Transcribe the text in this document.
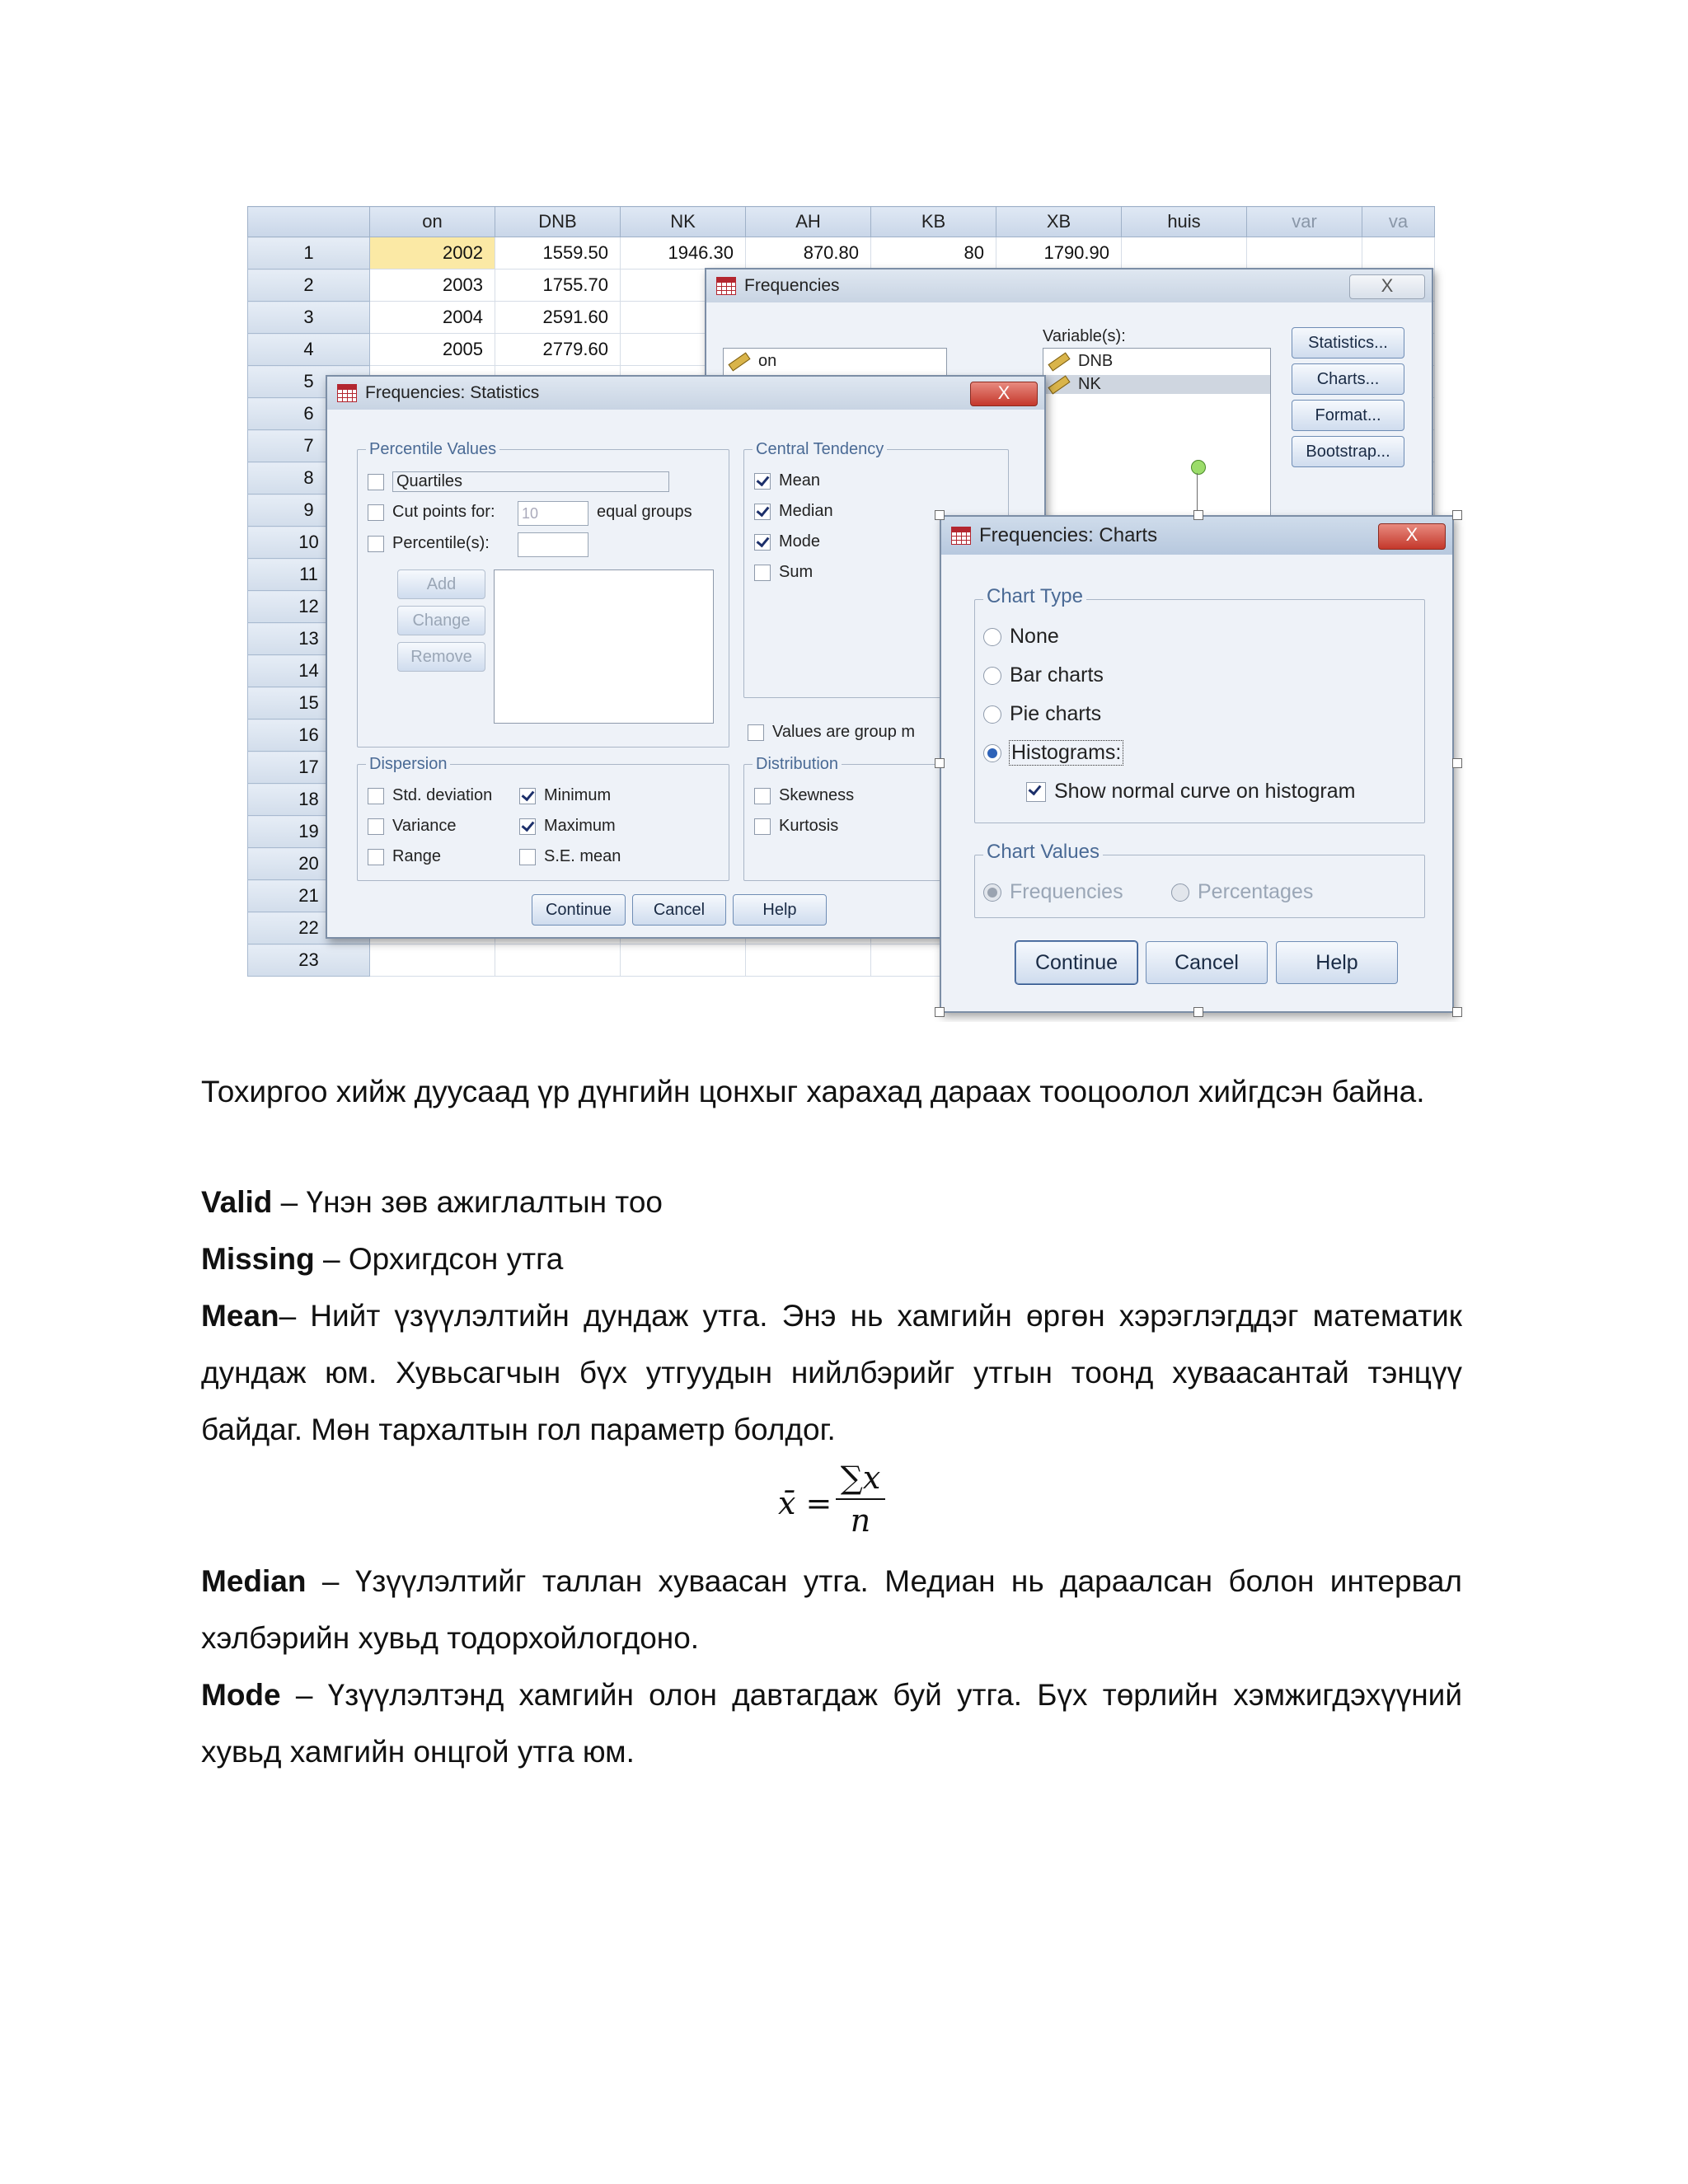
	on	DNB	NK	AH	KB	XB	huis	var	va
1	2002	1559.50	1946.30	870.80	80	1790.90			
2	2003	1755.70							
3	2004	2591.60							
4	2005	2779.60							
5									
6									
7									
8									
9									
10									
11									
12									
13									
14									
15									
16									
17									
18									
19									
20									
21									
22									
23									
Frequencies	X
on
Variable(s):
DNB
NK
Statistics...
Charts...
Format...
Bootstrap...
Frequencies: Statistics	X
Percentile Values
Quartiles
Cut points for: 10	equal groups
Percentile(s):
Add
Change
Remove
Central Tendency
Mean
Median
Mode
Sum
Values are group m
Dispersion
Std. deviation	Minimum
Variance	Maximum
Range	S.E. mean
Distribution
Skewness
Kurtosis
Continue	Cancel	Help
Frequencies: Charts	X
Chart Type
None
Bar charts
Pie charts
Histograms:
Show normal curve on histogram
Chart Values
Frequencies	Percentages
Continue	Cancel	Help

Тохиргоо хийж дуусаад үр дүнгийн цонхыг харахад дараах тооцоолол хийгдсэн байна.

Valid – Үнэн зөв ажиглалтын тоо

Missing – Орхигдсон утга

Mean– Нийт үзүүлэлтийн дундаж утга. Энэ нь хамгийн өргөн хэрэглэгддэг математик дундаж юм. Хувьсагчын бүх утгуудын нийлбэрийг утгын тоонд хуваасантай тэнцүү байдаг. Мөн тархалтын гол параметр болдог.

x̄ =
∑x
n

Median – Үзүүлэлтийг таллан хуваасан утга. Медиан нь дараалсан болон интервал хэлбэрийн хувьд тодорхойлогдоно.

Mode – Үзүүлэлтэнд хамгийн олон давтагдаж буй утга. Бүх төрлийн хэмжигдэхүүний хувьд хамгийн онцгой утга юм.
